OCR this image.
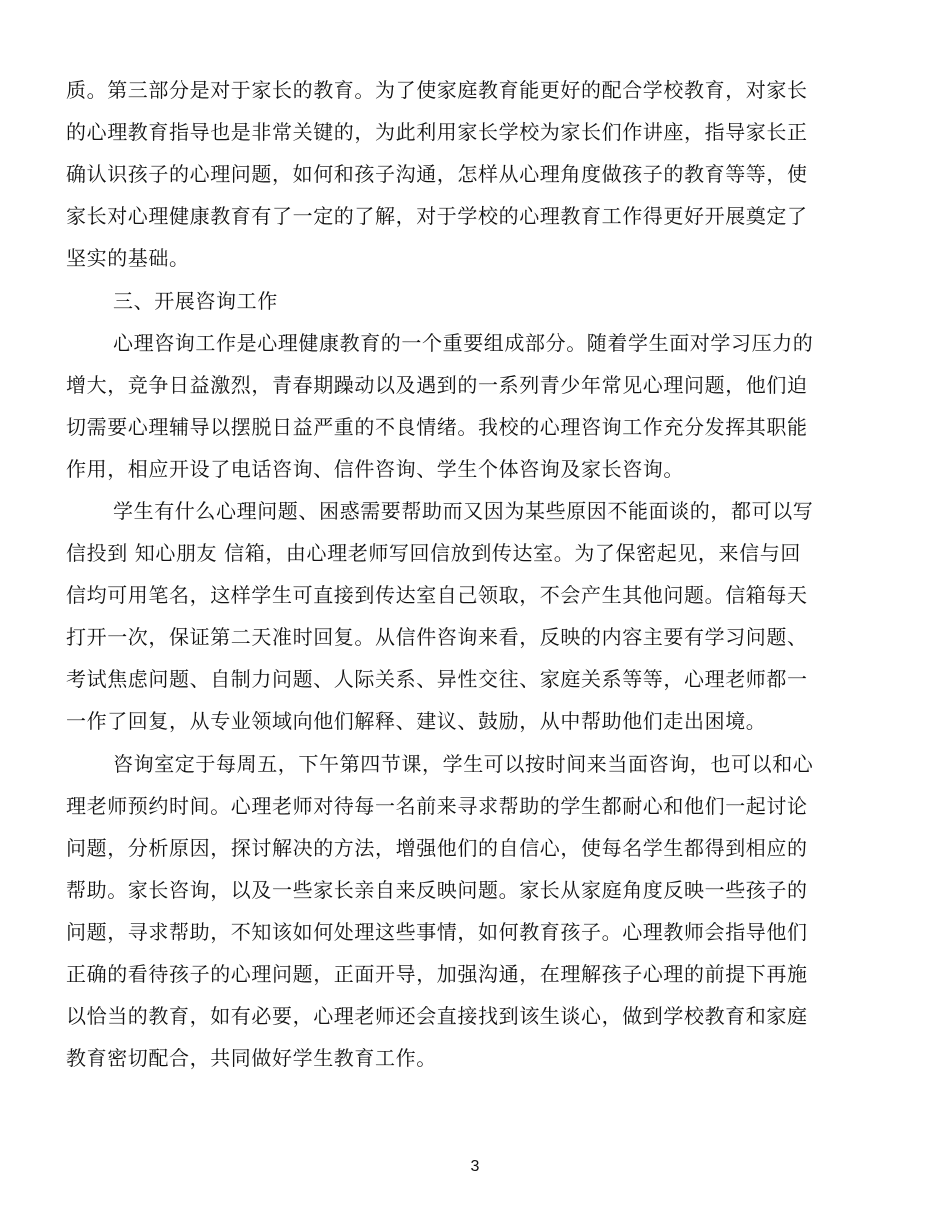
质。第三部分是对于家长的教育。为了使家庭教育能更好的配合学校教育，对家长
的心理教育指导也是非常关键的，为此利用家长学校为家长们作讲座，指导家长正
确认识孩子的心理问题，如何和孩子沟通，怎样从心理角度做孩子的教育等等，使
家长对心理健康教育有了一定的了解，对于学校的心理教育工作得更好开展奠定了
坚实的基础。
三、开展咨询工作
心理咨询工作是心理健康教育的一个重要组成部分。随着学生面对学习压力的
增大，竞争日益激烈，青春期躁动以及遇到的一系列青少年常见心理问题，他们迫
切需要心理辅导以摆脱日益严重的不良情绪。我校的心理咨询工作充分发挥其职能
作用，相应开设了电话咨询、信件咨询、学生个体咨询及家长咨询。
学生有什么心理问题、困惑需要帮助而又因为某些原因不能面谈的，都可以写
信投到 知心朋友 信箱，由心理老师写回信放到传达室。为了保密起见，来信与回
信均可用笔名，这样学生可直接到传达室自己领取，不会产生其他问题。信箱每天
打开一次，保证第二天准时回复。从信件咨询来看，反映的内容主要有学习问题、
考试焦虑问题、自制力问题、人际关系、异性交往、家庭关系等等，心理老师都一
一作了回复，从专业领域向他们解释、建议、鼓励，从中帮助他们走出困境。
咨询室定于每周五，下午第四节课，学生可以按时间来当面咨询，也可以和心
理老师预约时间。心理老师对待每一名前来寻求帮助的学生都耐心和他们一起讨论
问题，分析原因，探讨解决的方法，增强他们的自信心，使每名学生都得到相应的
帮助。家长咨询，以及一些家长亲自来反映问题。家长从家庭角度反映一些孩子的
问题，寻求帮助，不知该如何处理这些事情，如何教育孩子。心理教师会指导他们
正确的看待孩子的心理问题，正面开导，加强沟通，在理解孩子心理的前提下再施
以恰当的教育，如有必要，心理老师还会直接找到该生谈心，做到学校教育和家庭
教育密切配合，共同做好学生教育工作。
3
